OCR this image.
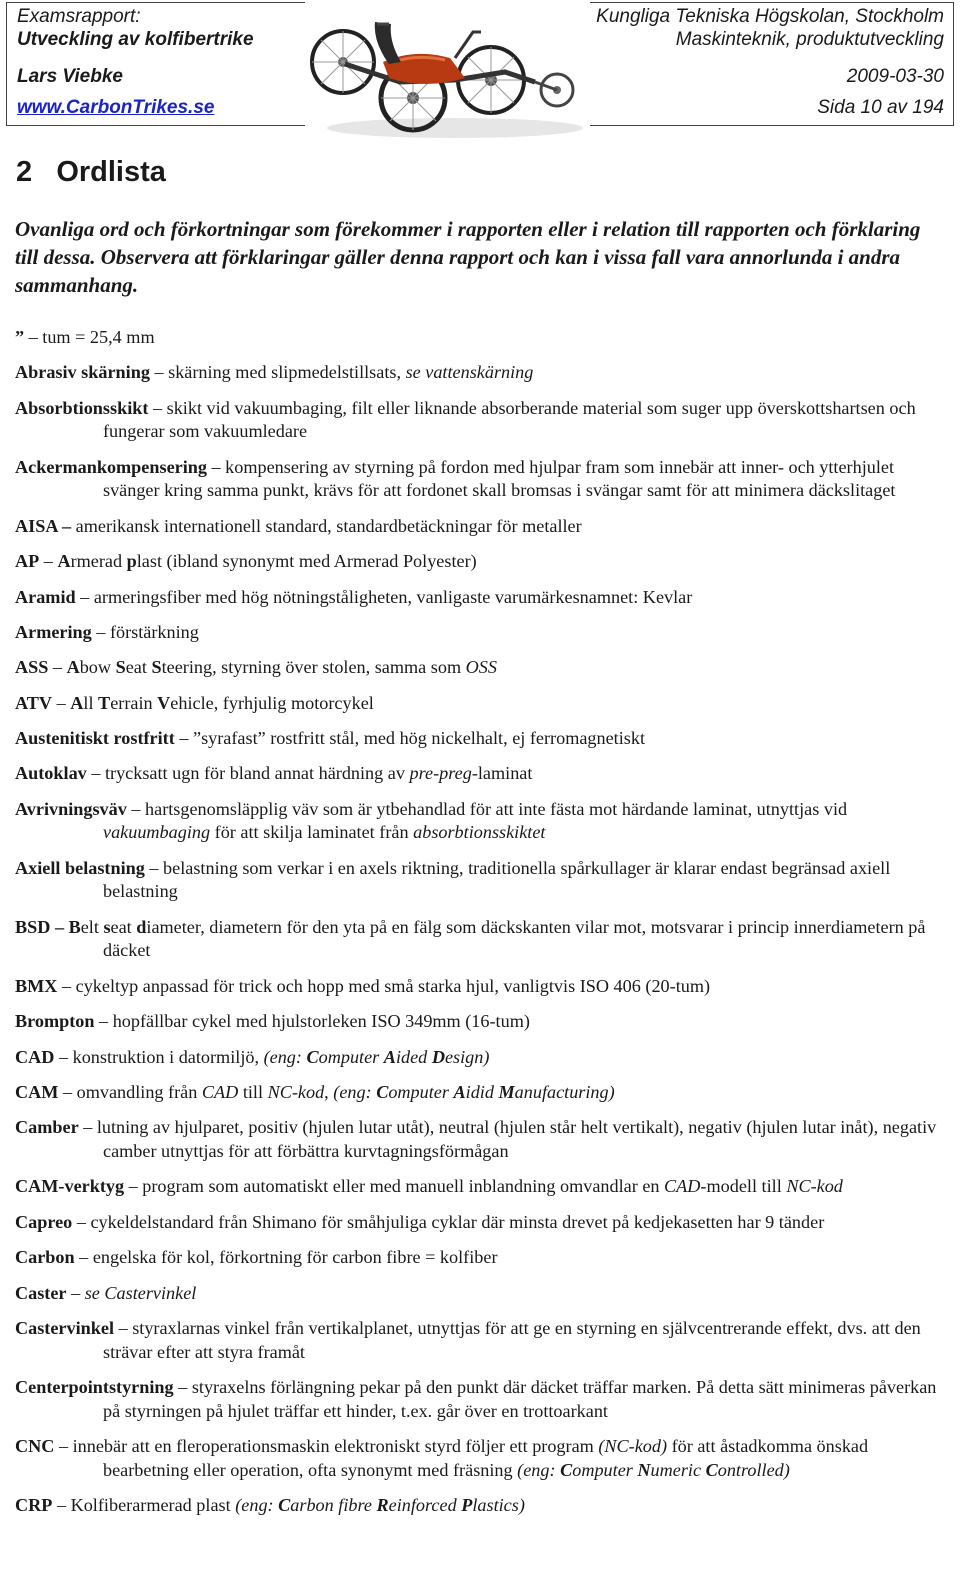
Examsrapport:
Utveckling av kolfibertrike
Lars Viebke
www.CarbonTrikes.se
Kungliga Tekniska Högskolan, Stockholm
Maskinteknik, produktutveckling
2009-03-30
Sida 10 av 194
2 Ordlista

Ovanliga ord och förkortningar som förekommer i rapporten eller i relation till rapporten och förklaring till dessa. Observera att förklaringar gäller denna rapport och kan i vissa fall vara annorlunda i andra sammanhang.

” – tum = 25,4 mm
Abrasiv skärning – skärning med slipmedelstillsats, se vattenskärning
Absorbtionsskikt – skikt vid vakuumbaging, filt eller liknande absorberande material som suger upp överskottshartsen och fungerar som vakuumledare
Ackermankompensering – kompensering av styrning på fordon med hjulpar fram som innebär att inner- och ytterhjulet svänger kring samma punkt, krävs för att fordonet skall bromsas i svängar samt för att minimera däckslitaget
AISA – amerikansk internationell standard, standardbetäckningar för metaller
AP – Armerad plast (ibland synonymt med Armerad Polyester)
Aramid – armeringsfiber med hög nötningståligheten, vanligaste varumärkesnamnet: Kevlar
Armering – förstärkning
ASS – Abow Seat Steering, styrning över stolen, samma som OSS
ATV – All Terrain Vehicle, fyrhjulig motorcykel
Austenitiskt rostfritt – ”syrafast” rostfritt stål, med hög nickelhalt, ej ferromagnetiskt
Autoklav – trycksatt ugn för bland annat härdning av pre-preg-laminat
Avrivningsväv – hartsgenomsläpplig väv som är ytbehandlad för att inte fästa mot härdande laminat, utnyttjas vid vakuumbaging för att skilja laminatet från absorbtionsskiktet
Axiell belastning – belastning som verkar i en axels riktning, traditionella spårkullager är klarar endast begränsad axiell belastning
BSD – Belt seat diameter, diametern för den yta på en fälg som däckskanten vilar mot, motsvarar i princip innerdiametern på däcket
BMX – cykeltyp anpassad för trick och hopp med små starka hjul, vanligtvis ISO 406 (20-tum)
Brompton – hopfällbar cykel med hjulstorleken ISO 349mm (16-tum)
CAD – konstruktion i datormiljö, (eng: Computer Aided Design)
CAM – omvandling från CAD till NC-kod, (eng: Computer Aidid Manufacturing)
Camber – lutning av hjulparet, positiv (hjulen lutar utåt), neutral (hjulen står helt vertikalt), negativ (hjulen lutar inåt), negativ camber utnyttjas för att förbättra kurvtagningsförmågan
CAM-verktyg – program som automatiskt eller med manuell inblandning omvandlar en CAD-modell till NC-kod
Capreo – cykeldelstandard från Shimano för småhjuliga cyklar där minsta drevet på kedjekasetten har 9 tänder
Carbon – engelska för kol, förkortning för carbon fibre = kolfiber
Caster – se Castervinkel
Castervinkel – styraxlarnas vinkel från vertikalplanet, utnyttjas för att ge en styrning en självcentrerande effekt, dvs. att den strävar efter att styra framåt
Centerpointstyrning – styraxelns förlängning pekar på den punkt där däcket träffar marken. På detta sätt minimeras påverkan på styrningen på hjulet träffar ett hinder, t.ex. går över en trottoarkant
CNC – innebär att en fleroperationsmaskin elektroniskt styrd följer ett program (NC-kod) för att åstadkomma önskad bearbetning eller operation, ofta synonymt med fräsning (eng: Computer Numeric Controlled)
CRP – Kolfiberarmerad plast (eng: Carbon fibre Reinforced Plastics)
